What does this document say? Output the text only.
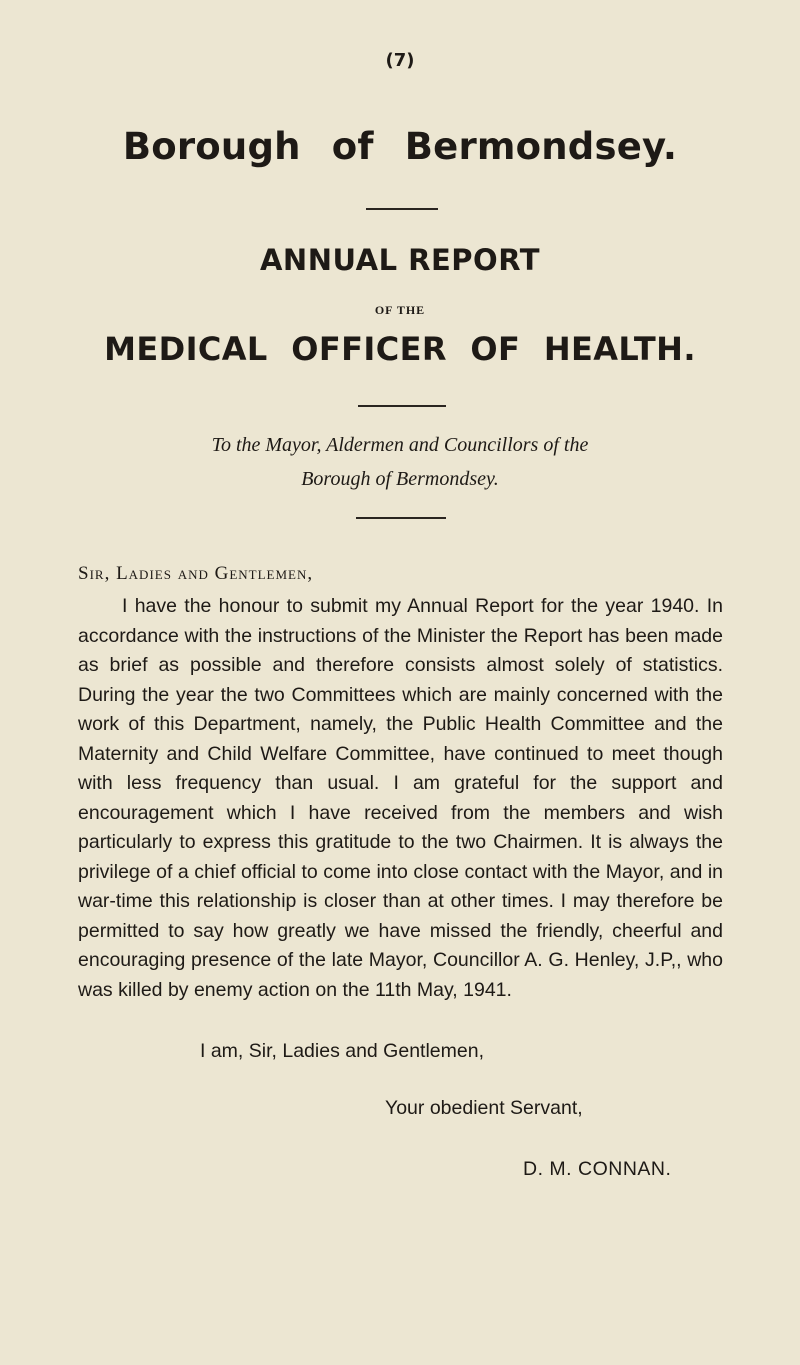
(7)
Borough of Bermondsey.
ANNUAL REPORT
OF THE
MEDICAL OFFICER OF HEALTH.
To the Mayor, Aldermen and Councillors of the
Borough of Bermondsey.
Sir, Ladies and Gentlemen,
I have the honour to submit my Annual Report for the year 1940. In accordance with the instructions of the Minister the Report has been made as brief as possible and therefore consists almost solely of statistics. During the year the two Committees which are mainly concerned with the work of this Department, namely, the Public Health Committee and the Maternity and Child Welfare Committee, have continued to meet though with less frequency than usual. I am grateful for the support and encouragement which I have received from the members and wish particularly to express this gratitude to the two Chairmen. It is always the privilege of a chief official to come into close contact with the Mayor, and in war-time this relationship is closer than at other times. I may therefore be permitted to say how greatly we have missed the friendly, cheerful and encouraging presence of the late Mayor, Councillor A. G. Henley, J.P,, who was killed by enemy action on the 11th May, 1941.
I am, Sir, Ladies and Gentlemen,
Your obedient Servant,
D. M. CONNAN.
